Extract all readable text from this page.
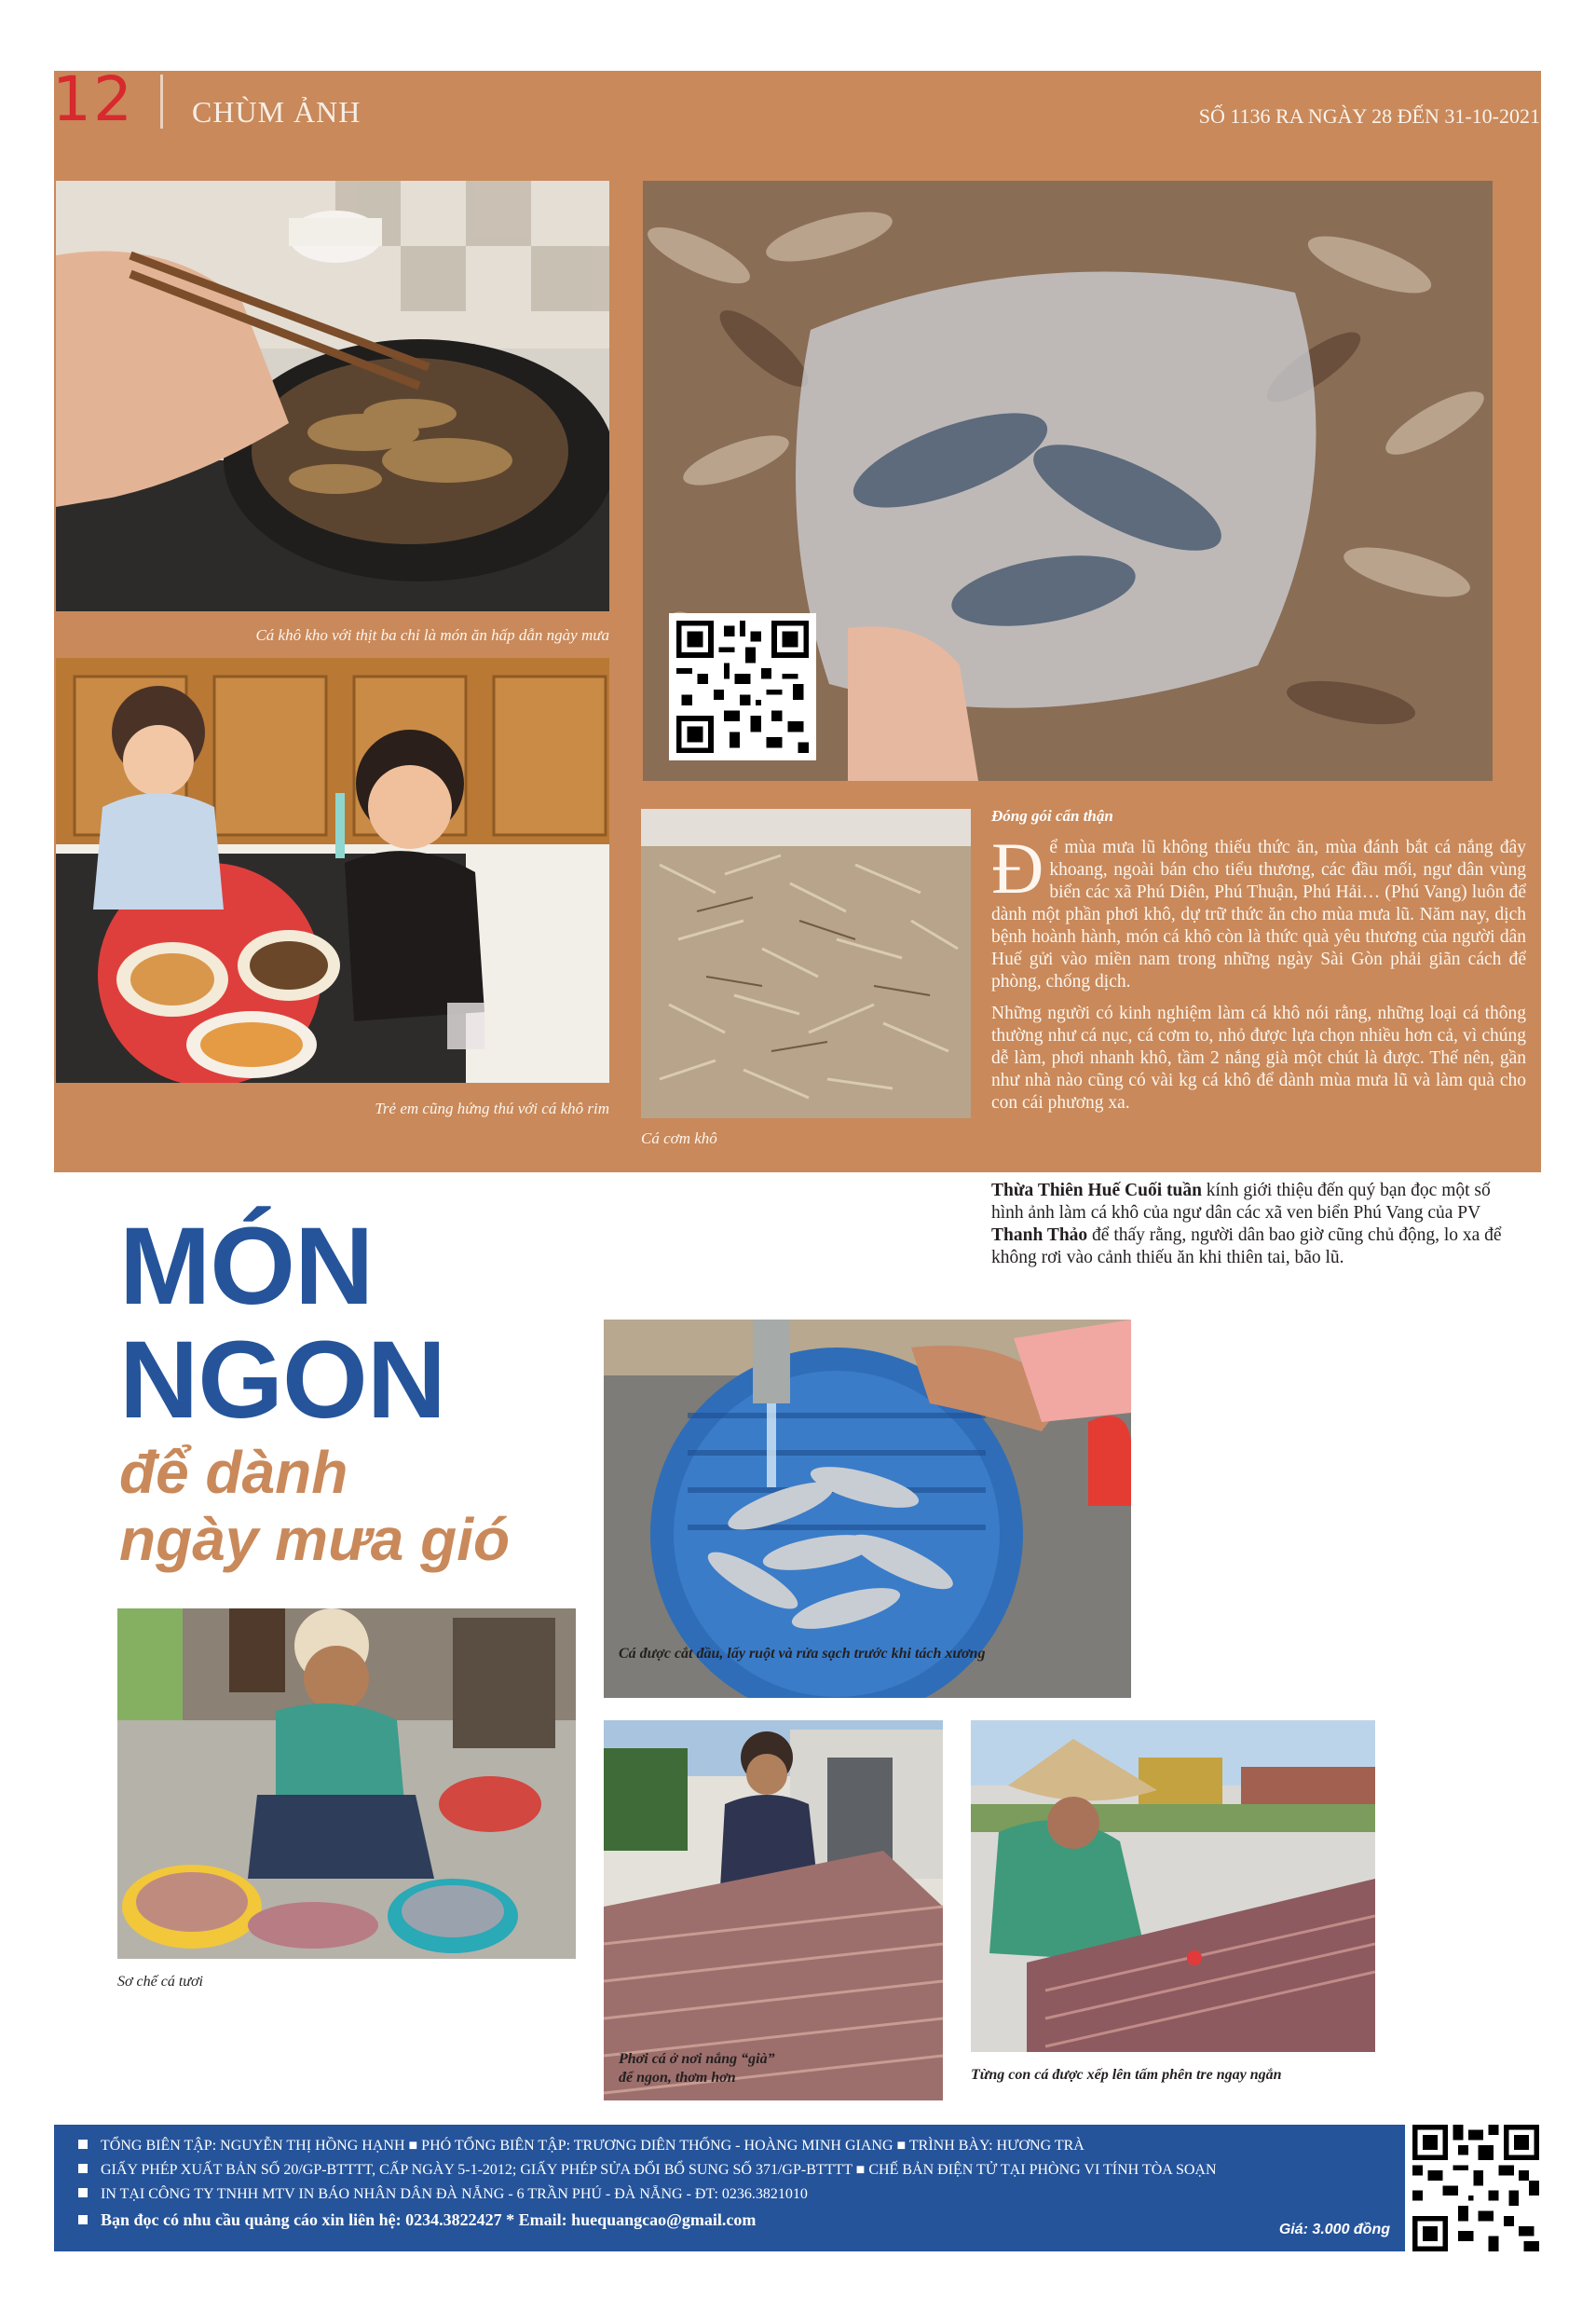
12 CHÙM ẢNH	SỐ 1136 RA NGÀY 28 ĐẾN 31-10-2021
Cá khô kho với thịt ba chỉ là món ăn hấp dẫn ngày mưa
Trẻ em cũng hứng thú với cá khô rim
Cá cơm khô
Đóng gói cẩn thận

Để mùa mưa lũ không thiếu thức ăn, mùa đánh bắt cá nắng đây khoang, ngoài bán cho tiểu thương, các đầu mối, ngư dân vùng biển các xã Phú Diên, Phú Thuận, Phú Hải… (Phú Vang) luôn để dành một phần phơi khô, dự trữ thức ăn cho mùa mưa lũ. Năm nay, dịch bệnh hoành hành, món cá khô còn là thức quà yêu thương của người dân Huế gửi vào miền nam trong những ngày Sài Gòn phải giãn cách để phòng, chống dịch.

Những người có kinh nghiệm làm cá khô nói rằng, những loại cá thông thường như cá nục, cá cơm to, nhỏ được lựa chọn nhiều hơn cả, vì chúng dễ làm, phơi nhanh khô, tầm 2 nắng già một chút là được. Thế nên, gần như nhà nào cũng có vài kg cá khô để dành mùa mưa lũ và làm quà cho con cái phương xa.

Thừa Thiên Huế Cuối tuần kính giới thiệu đến quý bạn đọc một số hình ảnh làm cá khô của ngư dân các xã ven biển Phú Vang của PV Thanh Thảo để thấy rằng, người dân bao giờ cũng chủ động, lo xa để không rơi vào cảnh thiếu ăn khi thiên tai, bão lũ.
MÓN
NGON
để dành
ngày mưa gió
Cá được cắt đầu, lấy ruột và rửa sạch trước khi tách xương
Sơ chế cá tươi
Phơi cá ở nơi nắng “già”
để ngon, thơm hơn	Từng con cá được xếp lên tấm phên tre ngay ngắn
TỔNG BIÊN TẬP: NGUYỄN THỊ HỒNG HẠNH ■ PHÓ TỔNG BIÊN TẬP: TRƯƠNG DIÊN THỐNG - HOÀNG MINH GIANG ■ TRÌNH BÀY: HƯƠNG TRÀ
GIẤY PHÉP XUẤT BẢN SỐ 20/GP-BTTTT, CẤP NGÀY 5-1-2012; GIẤY PHÉP SỬA ĐỔI BỔ SUNG SỐ 371/GP-BTTTT ■ CHẾ BẢN ĐIỆN TỬ TẠI PHÒNG VI TÍNH TÒA SOẠN
IN TẠI CÔNG TY TNHH MTV IN BÁO NHÂN DÂN ĐÀ NẴNG - 6 TRẦN PHÚ - ĐÀ NẴNG - ĐT: 0236.3821010
Bạn đọc có nhu cầu quảng cáo xin liên hệ: 0234.3822427 * Email: huequangcao@gmail.com
Giá: 3.000 đồng
